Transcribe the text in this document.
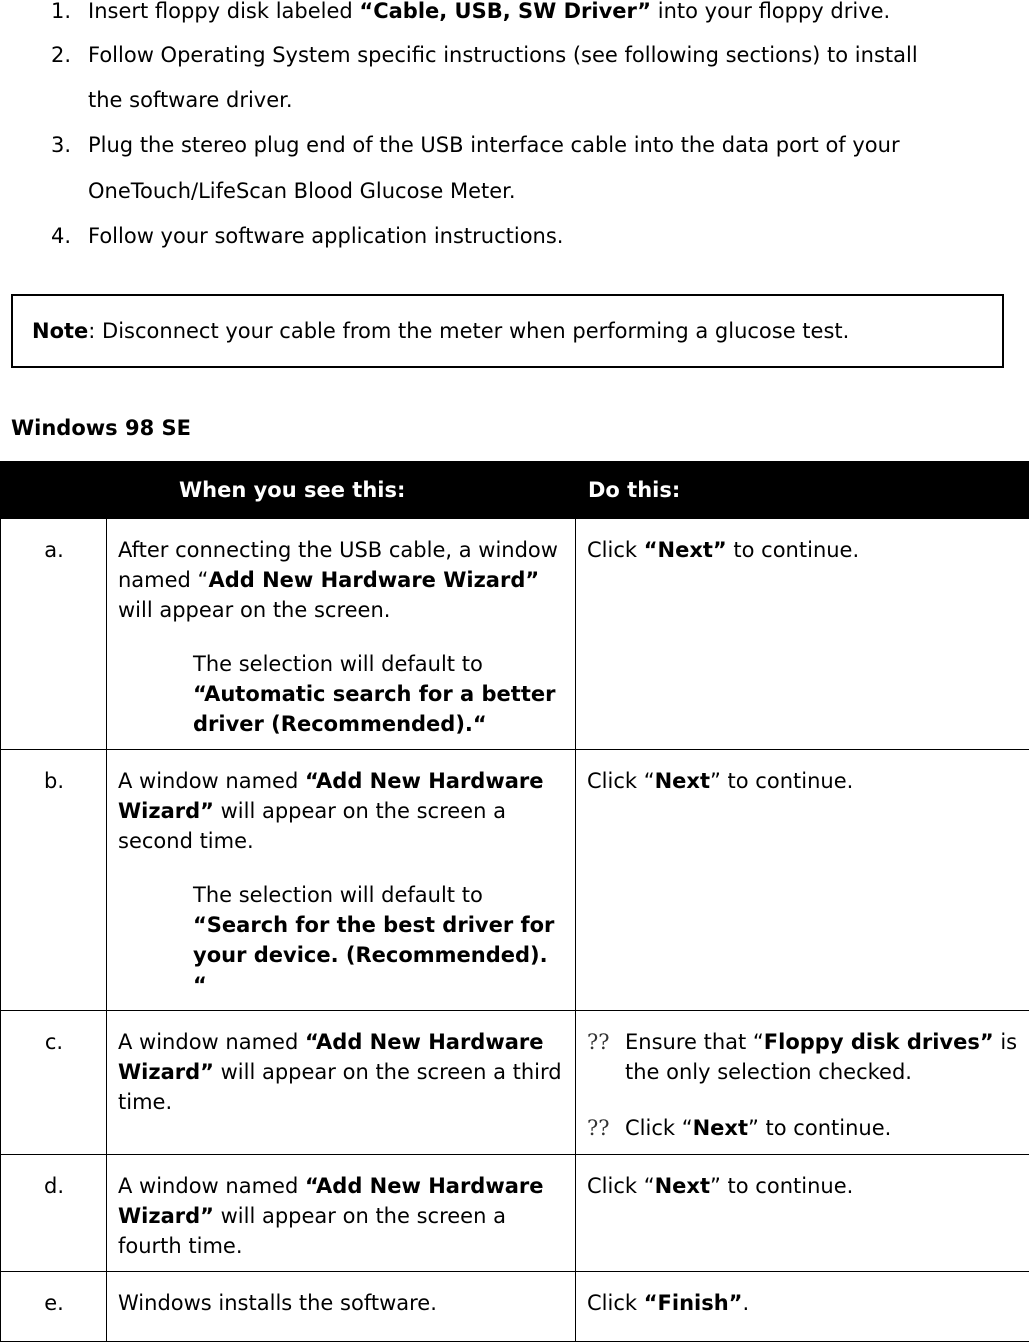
1. Insert floppy disk labeled “Cable, USB, SW Driver” into your floppy drive.
2. Follow Operating System specific instructions (see following sections) to install
the software driver.
3. Plug the stereo plug end of the USB interface cable into the data port of your
OneTouch/LifeScan Blood Glucose Meter.
4. Follow your software application instructions.
Note: Disconnect your cable from the meter when performing a glucose test.
Windows 98 SE
	When you see this:	Do this:
a.	After connecting the USB cable, a window named “Add New Hardware Wizard” will appear on the screen.
The selection will default to
“Automatic search for a better driver (Recommended).“	Click “Next” to continue.
b.	A window named “Add New Hardware Wizard” will appear on the screen a second time.
The selection will default to
“Search for the best driver for your device. (Recommended). “	Click “Next” to continue.
c.	A window named “Add New Hardware Wizard” will appear on the screen a third time.	?? Ensure that “Floppy disk drives” is the only selection checked.
?? Click “Next” to continue.

d.	A window named “Add New Hardware Wizard” will appear on the screen a fourth time.	Click “Next” to continue.
e.	Windows installs the software.	Click “Finish”.
